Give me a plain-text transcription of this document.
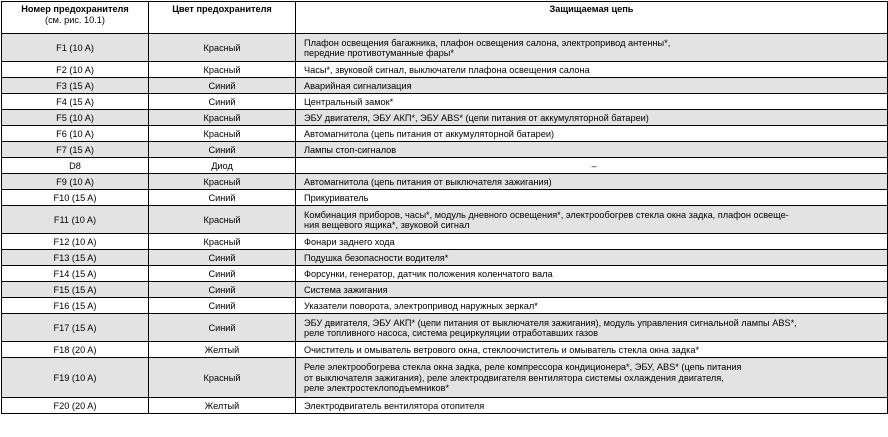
Номер предохранителя
(см. рис. 10.1)	Цвет предохранителя	Защищаемая цепь
F1 (10 A)	Красный	Плафон освещения багажника, плафон освещения салона, электропривод антенны*,
передние противотуманные фары*

F2 (10 A)	Красный	Часы*, звуковой сигнал, выключатели плафона освещения салона

F3 (15 A)	Синий	Аварийная сигнализация

F4 (15 A)	Синий	Центральный замок*

F5 (10 A)	Красный	ЭБУ двигателя, ЭБУ АКП*, ЭБУ ABS* (цепи питания от аккумуляторной батареи)

F6 (10 A)	Красный	Автомагнитола (цепь питания от аккумуляторной батареи)

F7 (15 A)	Синий	Лампы стоп-сигналов

D8	Диод	–

F9 (10 A)	Красный	Автомагнитола (цепь питания от выключателя зажигания)

F10 (15 A)	Синий	Прикуриватель

F11 (10 A)	Красный	Комбинация приборов, часы*, модуль дневного освещения*, электрообогрев стекла окна задка, плафон освеще-
ния вещевого ящика*, звуковой сигнал

F12 (10 A)	Красный	Фонари заднего хода

F13 (15 A)	Синий	Подушка безопасности водителя*

F14 (15 A)	Синий	Форсунки, генератор, датчик положения коленчатого вала

F15 (15 A)	Синий	Система зажигания

F16 (15 A)	Синий	Указатели поворота, электропривод наружных зеркал*

F17 (15 A)	Синий	ЭБУ двигателя, ЭБУ АКП* (цепи питания от выключателя зажигания), модуль управления сигнальной лампы ABS*,
реле топливного насоса, система рециркуляции отработавших газов

F18 (20 A)	Желтый	Очиститель и омыватель ветрового окна, стеклоочиститель и омыватель стекла окна задка*

F19 (10 A)	Красный	Реле электрообогрева стекла окна задка, реле компрессора кондиционера*, ЭБУ, ABS* (цепь питания
от выключателя зажигания), реле электродвигателя вентилятора системы охлаждения двигателя,
реле электростеклоподъемников*

F20 (20 A)	Желтый	Электродвигатель вентилятора отопителя
